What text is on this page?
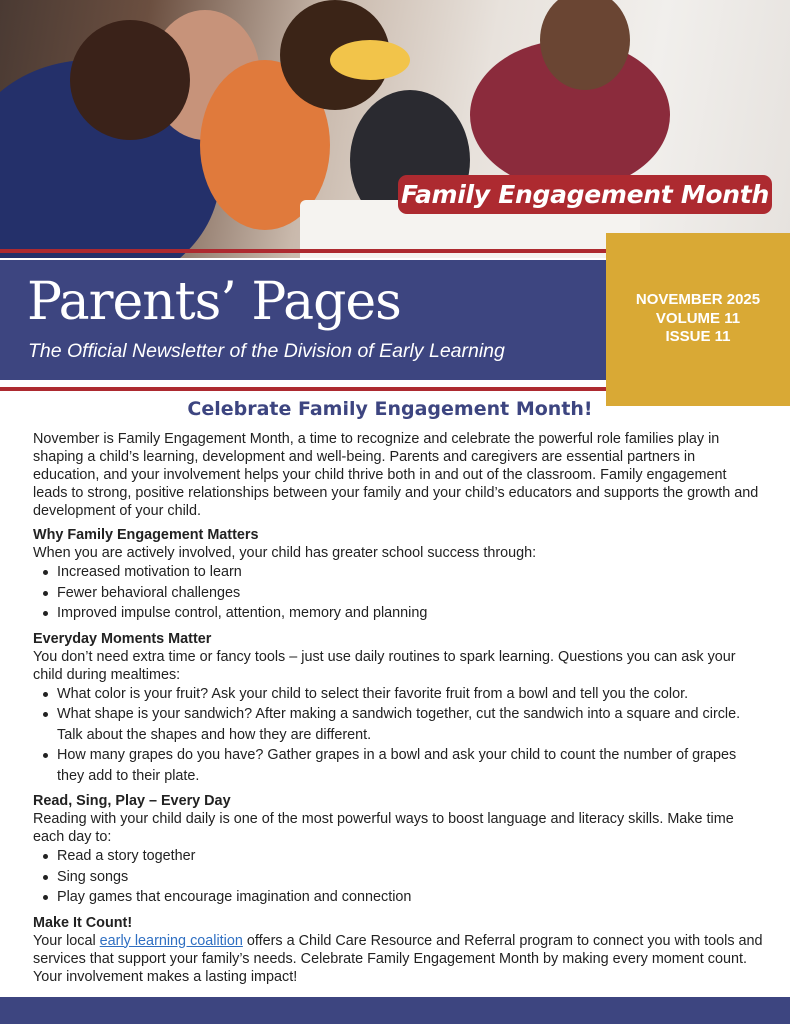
Family Engagement Month
Parents’ Pages
The Official Newsletter of the Division of Early Learning
NOVEMBER 2025
VOLUME 11
ISSUE 11
Celebrate Family Engagement Month!

November is Family Engagement Month, a time to recognize and celebrate the powerful role families play in shaping a child’s learning, development and well-being. Parents and caregivers are essential partners in education, and your involvement helps your child thrive both in and out of the classroom. Family engagement leads to strong, positive relationships between your family and your child’s educators and supports the growth and development of your child.

Why Family Engagement Matters

When you are actively involved, your child has greater school success through:

Increased motivation to learn
Fewer behavioral challenges
Improved impulse control, attention, memory and planning
Everyday Moments Matter

You don’t need extra time or fancy tools – just use daily routines to spark learning. Questions you can ask your child during mealtimes:

What color is your fruit? Ask your child to select their favorite fruit from a bowl and tell you the color.
What shape is your sandwich? After making a sandwich together, cut the sandwich into a square and circle. Talk about the shapes and how they are different.
How many grapes do you have? Gather grapes in a bowl and ask your child to count the number of grapes they add to their plate.
Read, Sing, Play – Every Day

Reading with your child daily is one of the most powerful ways to boost language and literacy skills. Make time each day to:

Read a story together
Sing songs
Play games that encourage imagination and connection
Make It Count!

Your local early learning coalition offers a Child Care Resource and Referral program to connect you with tools and services that support your family’s needs. Celebrate Family Engagement Month by making every moment count. Your involvement makes a lasting impact!
